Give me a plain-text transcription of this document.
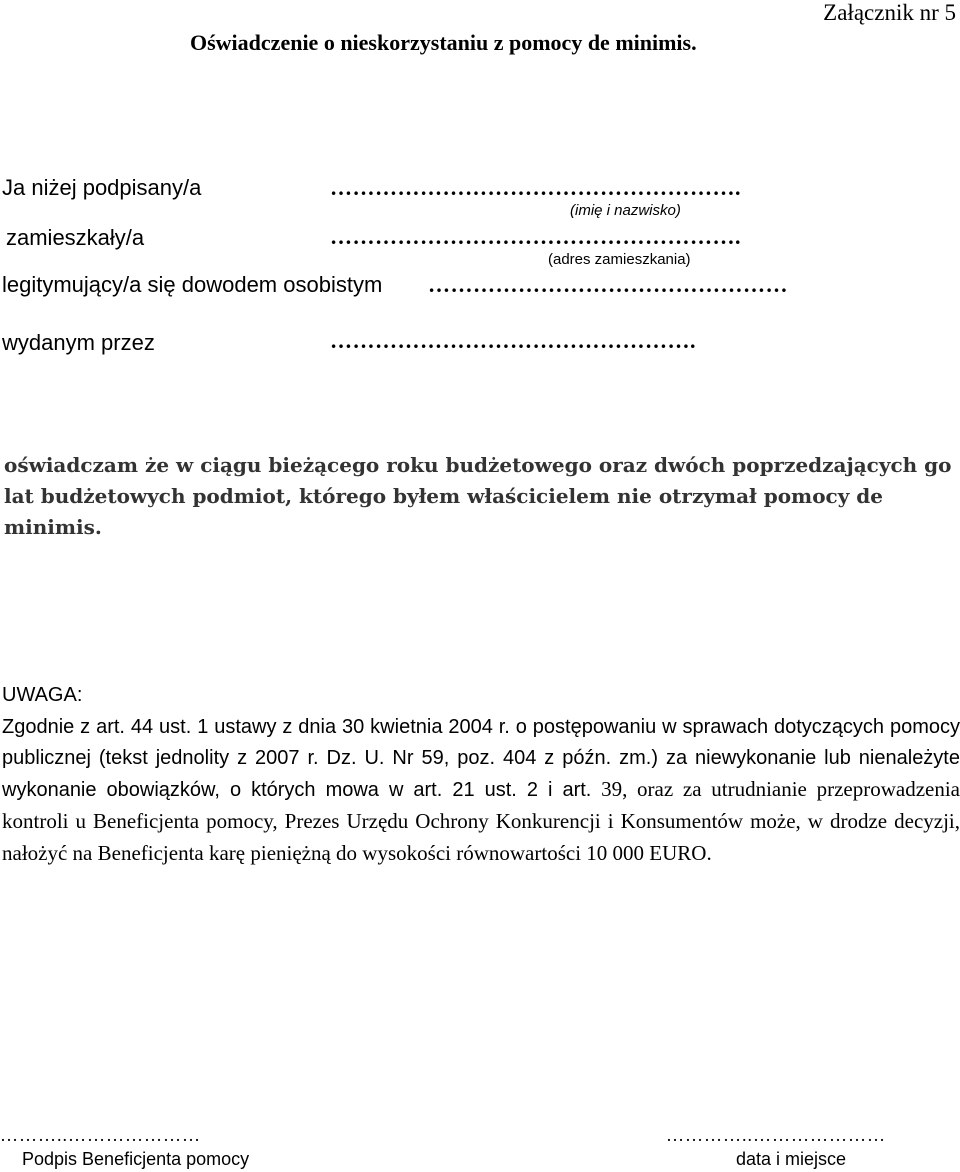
Załącznik nr 5
Oświadczenie o nieskorzystaniu z pomocy de minimis.
Ja niżej podpisany/a	……………………………………………….
(imię i nazwisko)
zamieszkały/a	……………………………………………….
(adres zamieszkania)
legitymujący/a się dowodem osobistym …………………………………………
wydanym przez	………………………………………….
oświadczam że w ciągu bieżącego roku budżetowego oraz dwóch poprzedzających go lat budżetowych podmiot, którego byłem właścicielem nie otrzymał pomocy de minimis.
UWAGA:
Zgodnie z art. 44 ust. 1 ustawy z dnia 30 kwietnia 2004 r. o postępowaniu w sprawach dotyczących pomocy publicznej (tekst jednolity z 2007 r. Dz. U. Nr 59, poz. 404 z późn. zm.) za niewykonanie lub nienależyte wykonanie obowiązków, o których mowa w art. 21 ust. 2 i art. 39, oraz za utrudnianie przeprowadzenia kontroli u Beneficjenta pomocy, Prezes Urzędu Ochrony Konkurencji i Konsumentów może, w drodze decyzji, nałożyć na Beneficjenta karę pieniężną do wysokości równowartości 10 000 EURO.
………..…………………	…………..…………………
Podpis Beneficjenta pomocy	data i miejsce
